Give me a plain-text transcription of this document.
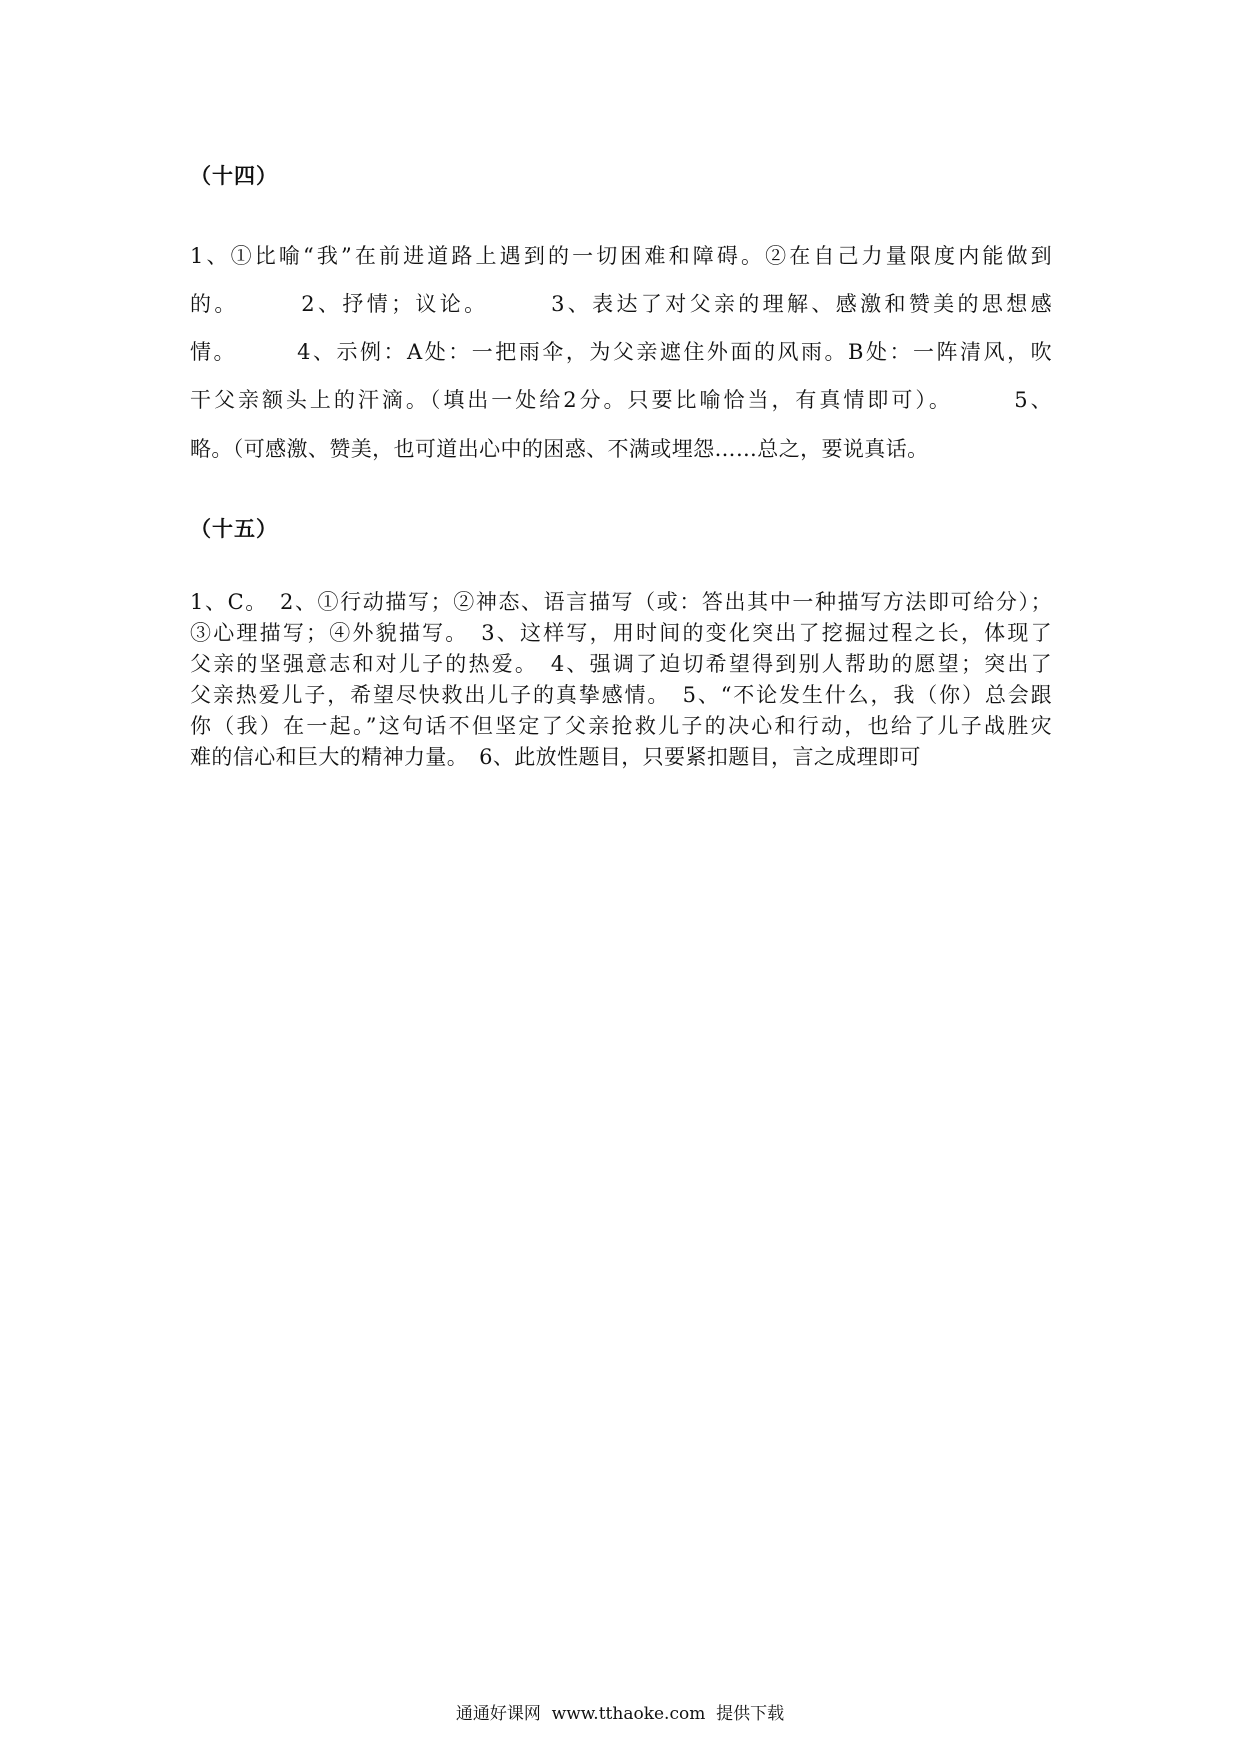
（十四）
1、①比喻“我”在前进道路上遇到的一切困难和障碍。②在自己力量限度内能做到
的。　　　2、抒情；议论。　　　3、表达了对父亲的理解、感激和赞美的思想感
情。　　　4、示例：A处：一把雨伞，为父亲遮住外面的风雨。B处：一阵清风，吹
干父亲额头上的汗滴。（填出一处给2分。只要比喻恰当，有真情即可）。　　　5、
略。（可感激、赞美，也可道出心中的困惑、不满或埋怨……总之，要说真话。
（十五）
1、C。　2、①行动描写；②神态、语言描写（或：答出其中一种描写方法即可给分）；
③心理描写；④外貌描写。　3、这样写，用时间的变化突出了挖掘过程之长，体现了
父亲的坚强意志和对儿子的热爱。　4、强调了迫切希望得到别人帮助的愿望；突出了
父亲热爱儿子，希望尽快救出儿子的真挚感情。　5、“不论发生什么，我（你）总会跟
你（我）在一起。”这句话不但坚定了父亲抢救儿子的决心和行动，也给了儿子战胜灾
难的信心和巨大的精神力量。　6、此放性题目，只要紧扣题目，言之成理即可
通通好课网  www.tthaoke.com  提供下载
